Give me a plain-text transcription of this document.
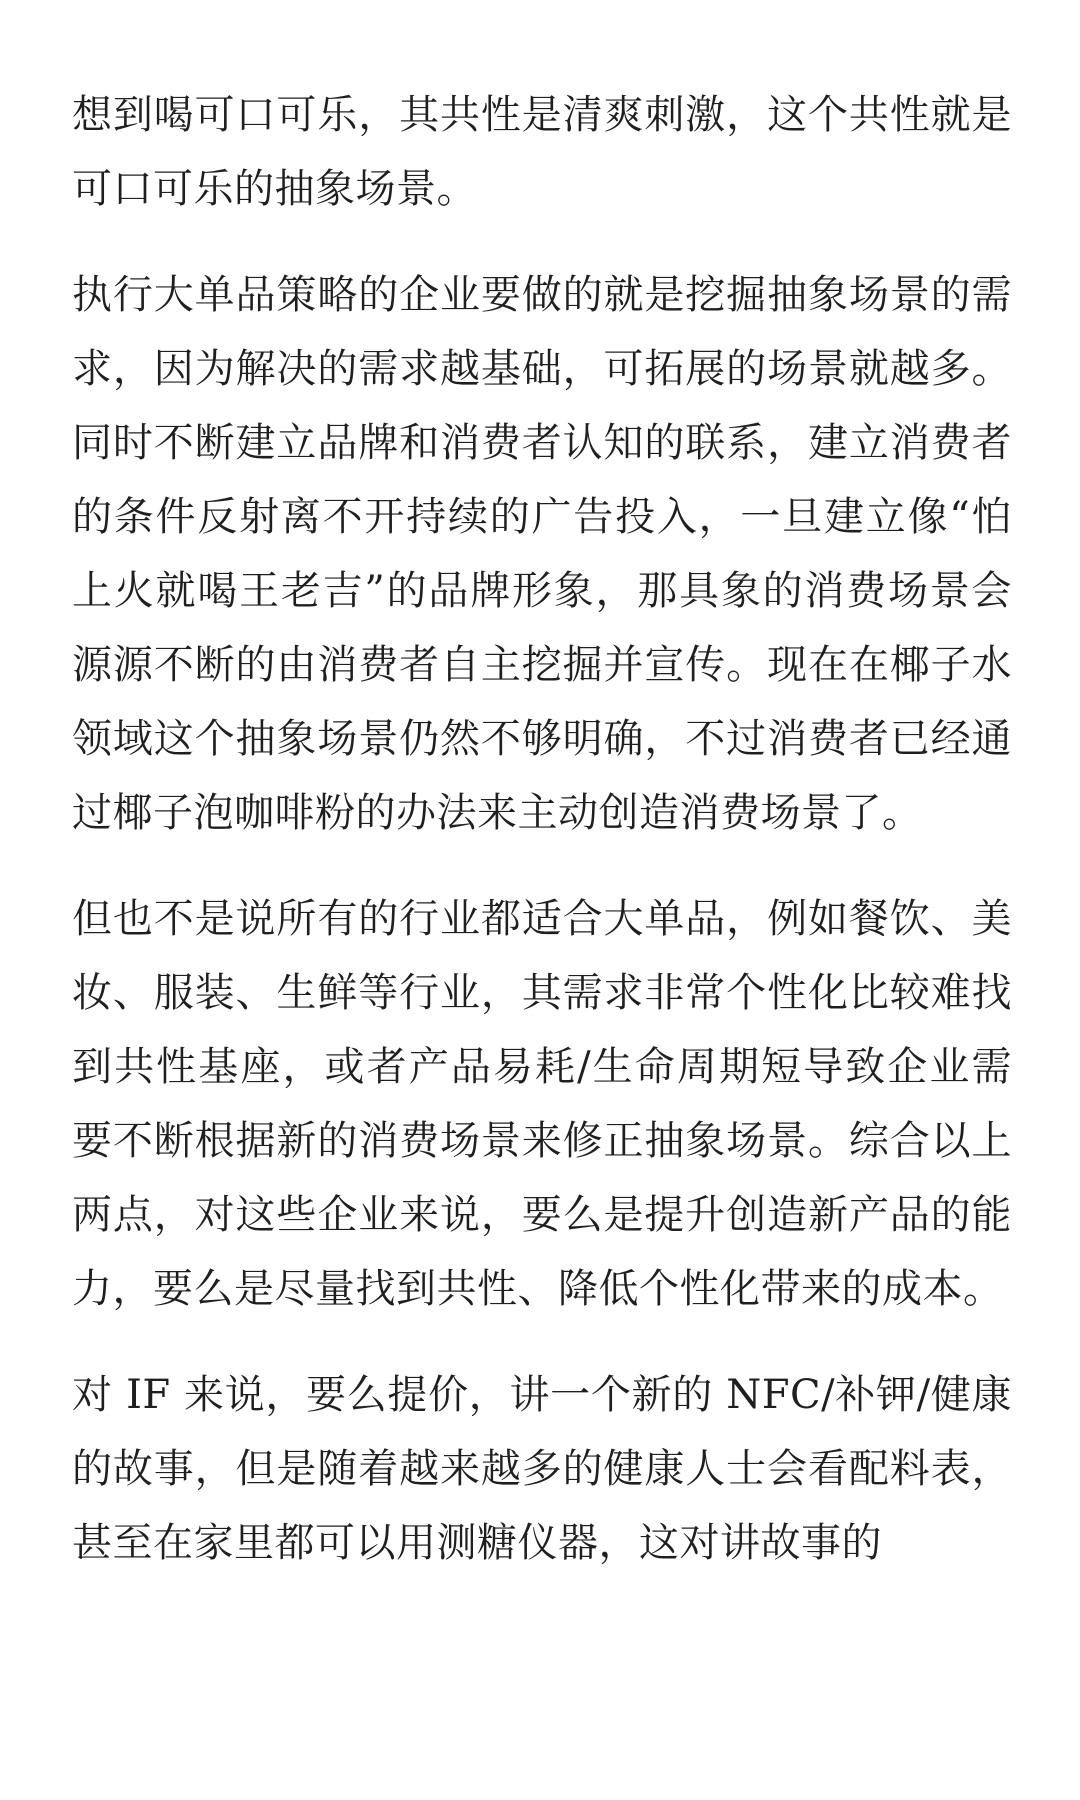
想到喝可口可乐，其共性是清爽刺激，这个共性就是可口可乐的抽象场景。

执行大单品策略的企业要做的就是挖掘抽象场景的需求，因为解决的需求越基础，可拓展的场景就越多。同时不断建立品牌和消费者认知的联系，建立消费者的条件反射离不开持续的广告投入，一旦建立像“怕上火就喝王老吉”的品牌形象，那具象的消费场景会源源不断的由消费者自主挖掘并宣传。现在在椰子水领域这个抽象场景仍然不够明确，不过消费者已经通过椰子泡咖啡粉的办法来主动创造消费场景了。

但也不是说所有的行业都适合大单品，例如餐饮、美妆、服装、生鲜等行业，其需求非常个性化比较难找到共性基座，或者产品易耗/生命周期短导致企业需要不断根据新的消费场景来修正抽象场景。综合以上两点，对这些企业来说，要么是提升创造新产品的能力，要么是尽量找到共性、降低个性化带来的成本。

对 IF 来说，要么提价，讲一个新的 NFC/补钾/健康的故事，但是随着越来越多的健康人士会看配料表，甚至在家里都可以用测糖仪器，这对讲故事的
